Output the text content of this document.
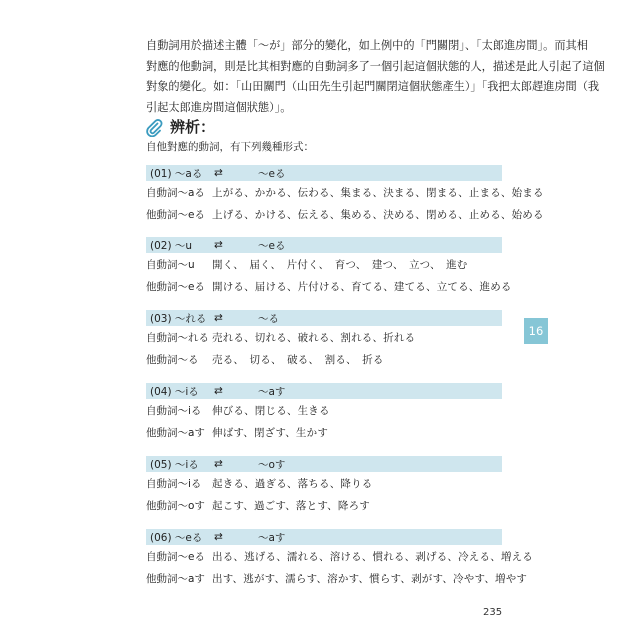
自動詞用於描述主體「〜が」部分的變化，如上例中的「門關閉」、「太郎進房間」。而其相
對應的他動詞，則是比其相對應的自動詞多了一個引起這個狀態的人，描述是此人引起了這個
對象的變化。如：「山田關門（山田先生引起門關閉這個狀態產生）」「我把太郎趕進房間（我
引起太郎進房間這個狀態）」。
辨析：
自他對應的動詞，有下列幾種形式：
(01) 〜aる ⇄	〜eる
自動詞〜aる 上がる、かかる、伝わる、集まる、決まる、閉まる、止まる、始まる
他動詞〜eる 上げる、かける、伝える、集める、決める、閉める、止める、始める
(02) 〜u ⇄	〜eる
自動詞〜u 開く、　届く、　片付く、　育つ、　建つ、　立つ、　進む
他動詞〜eる 開ける、届ける、片付ける、育てる、建てる、立てる、進める
(03) 〜れる ⇄	〜る
自動詞〜れる 売れる、切れる、破れる、割れる、折れる
他動詞〜る 売る、　切る、　破る、　割る、　折る
(04) 〜iる ⇄	〜aす
自動詞〜iる 伸びる、閉じる、生きる
他動詞〜aす 伸ばす、閉ざす、生かす
(05) 〜iる ⇄	〜oす
自動詞〜iる 起きる、過ぎる、落ちる、降りる
他動詞〜oす 起こす、過ごす、落とす、降ろす
(06) 〜eる ⇄	〜aす
自動詞〜eる 出る、逃げる、濡れる、溶ける、慣れる、剥げる、冷える、増える
他動詞〜aす 出す、逃がす、濡らす、溶かす、慣らす、剥がす、冷やす、増やす
16
235
